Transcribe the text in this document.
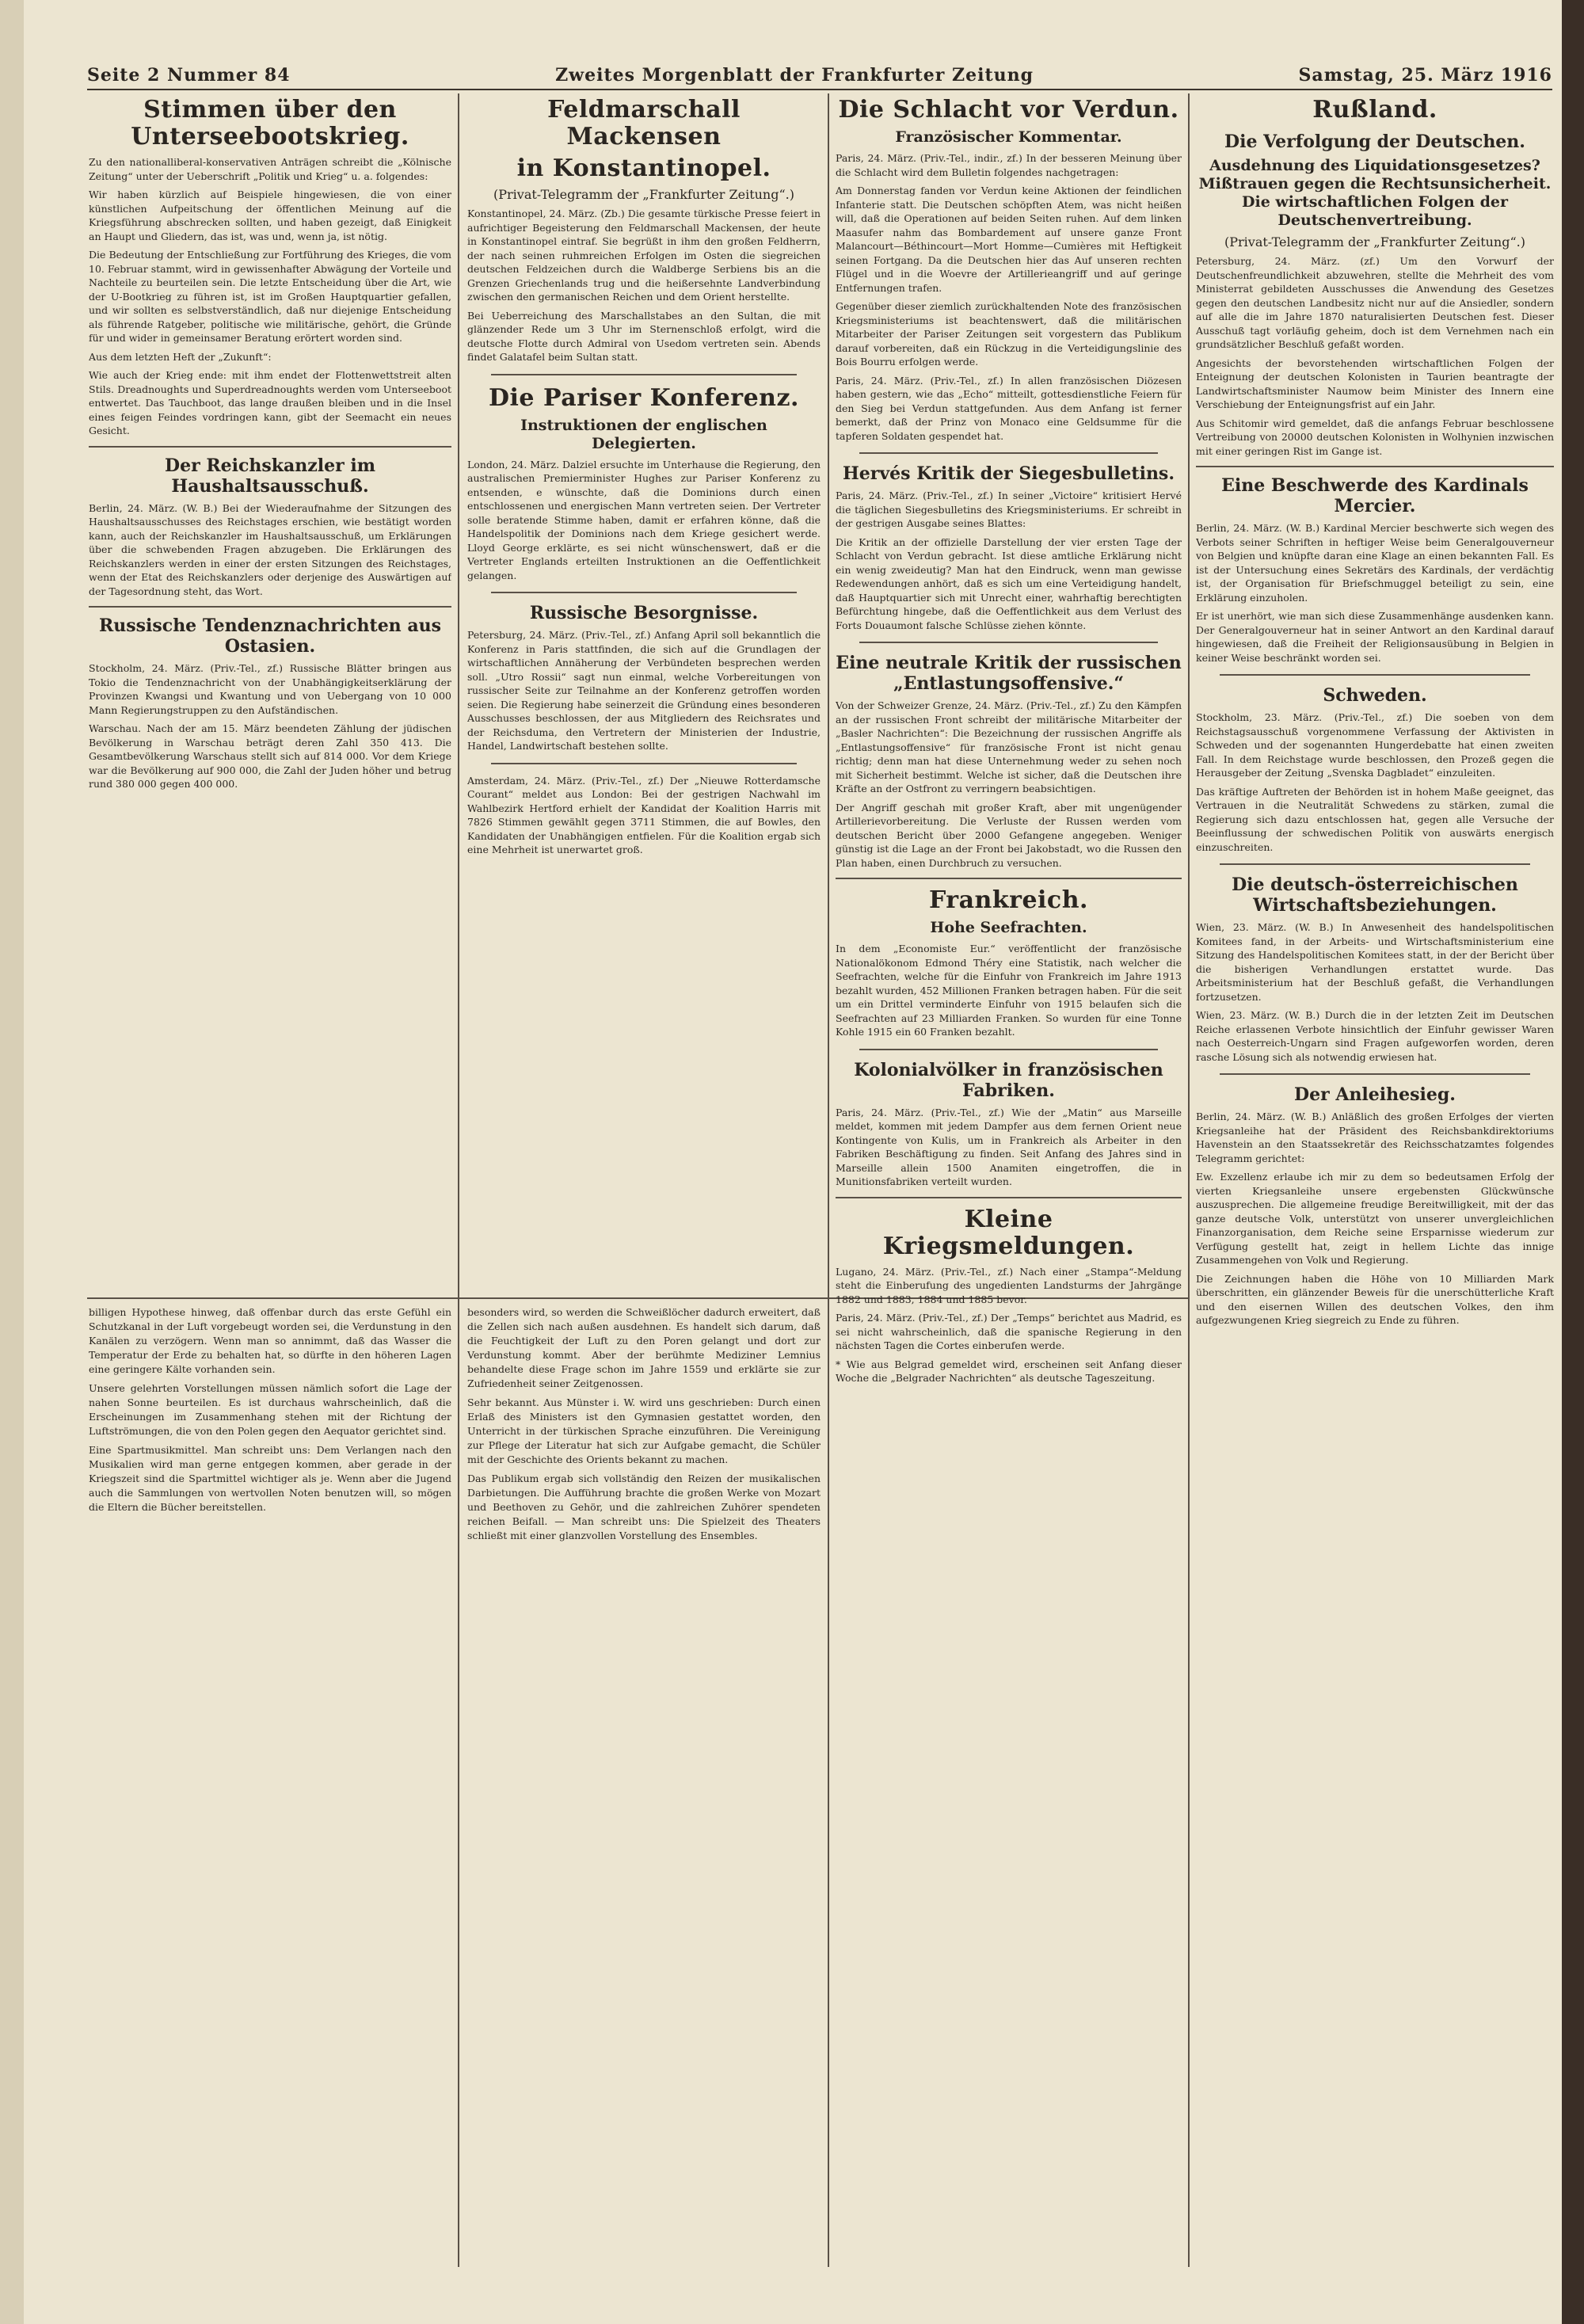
Seite 2 Nummer 84	Zweites Morgenblatt der Frankfurter Zeitung	Samstag, 25. März 1916
Stimmen über den Unterseebootskrieg.

Zu den nationalliberal-konservativen Anträgen schreibt die „Kölnische Zeitung“ unter der Ueberschrift „Politik und Krieg“ u. a. folgendes:

Wir haben kürzlich auf Beispiele hingewiesen, die von einer künstlichen Aufpeitschung der öffentlichen Meinung auf die Kriegsführung abschrecken sollten, und haben gezeigt, daß Einigkeit an Haupt und Gliedern, das ist, was und, wenn ja, ist nötig.

Die Bedeutung der Entschließung zur Fortführung des Krieges, die vom 10. Februar stammt, wird in gewissenhafter Abwägung der Vorteile und Nachteile zu beurteilen sein. Die letzte Entscheidung über die Art, wie der U-Bootkrieg zu führen ist, ist im Großen Hauptquartier gefallen, und wir sollten es selbstverständlich, daß nur diejenige Entscheidung als führende Ratgeber, politische wie militärische, gehört, die Gründe für und wider in gemeinsamer Beratung erörtert worden sind.

Aus dem letzten Heft der „Zukunft“:

Wie auch der Krieg ende: mit ihm endet der Flottenwettstreit alten Stils. Dreadnoughts und Superdreadnoughts werden vom Unterseeboot entwertet. Das Tauchboot, das lange draußen bleiben und in die Insel eines feigen Feindes vordringen kann, gibt der Seemacht ein neues Gesicht.

Der Reichskanzler im Haushaltsausschuß.

Berlin, 24. März. (W. B.) Bei der Wiederaufnahme der Sitzungen des Haushaltsausschusses des Reichstages erschien, wie bestätigt worden kann, auch der Reichskanzler im Haushaltsausschuß, um Erklärungen über die schwebenden Fragen abzugeben. Die Erklärungen des Reichskanzlers werden in einer der ersten Sitzungen des Reichstages, wenn der Etat des Reichskanzlers oder derjenige des Auswärtigen auf der Tagesordnung steht, das Wort.

Russische Tendenznachrichten aus Ostasien.

Stockholm, 24. März. (Priv.-Tel., zf.) Russische Blätter bringen aus Tokio die Tendenznachricht von der Unabhängigkeitserklärung der Provinzen Kwangsi und Kwantung und von Uebergang von 10 000 Mann Regierungstruppen zu den Aufständischen.

Warschau. Nach der am 15. März beendeten Zählung der jüdischen Bevölkerung in Warschau beträgt deren Zahl 350 413. Die Gesamtbevölkerung Warschaus stellt sich auf 814 000. Vor dem Kriege war die Bevölkerung auf 900 000, die Zahl der Juden höher und betrug rund 380 000 gegen 400 000.

Feldmarschall Mackensen
in Konstantinopel.
(Privat-Telegramm der „Frankfurter Zeitung“.)

Konstantinopel, 24. März. (Zb.) Die gesamte türkische Presse feiert in aufrichtiger Begeisterung den Feldmarschall Mackensen, der heute in Konstantinopel eintraf. Sie begrüßt in ihm den großen Feldherrn, der nach seinen ruhmreichen Erfolgen im Osten die siegreichen deutschen Feldzeichen durch die Waldberge Serbiens bis an die Grenzen Griechenlands trug und die heißersehnte Landverbindung zwischen den germanischen Reichen und dem Orient herstellte.

Bei Ueberreichung des Marschallstabes an den Sultan, die mit glänzender Rede um 3 Uhr im Sternenschloß erfolgt, wird die deutsche Flotte durch Admiral von Usedom vertreten sein. Abends findet Galatafel beim Sultan statt.

Die Pariser Konferenz.
Instruktionen der englischen Delegierten.

London, 24. März. Dalziel ersuchte im Unterhause die Regierung, den australischen Premierminister Hughes zur Pariser Konferenz zu entsenden, e wünschte, daß die Dominions durch einen entschlossenen und energischen Mann vertreten seien. Der Vertreter solle beratende Stimme haben, damit er erfahren könne, daß die Handelspolitik der Dominions nach dem Kriege gesichert werde. Lloyd George erklärte, es sei nicht wünschenswert, daß er die Vertreter Englands erteilten Instruktionen an die Oeffentlichkeit gelangen.

Russische Besorgnisse.

Petersburg, 24. März. (Priv.-Tel., zf.) Anfang April soll bekanntlich die Konferenz in Paris stattfinden, die sich auf die Grundlagen der wirtschaftlichen Annäherung der Verbündeten besprechen werden soll. „Utro Rossii“ sagt nun einmal, welche Vorbereitungen von russischer Seite zur Teilnahme an der Konferenz getroffen worden seien. Die Regierung habe seinerzeit die Gründung eines besonderen Ausschusses beschlossen, der aus Mitgliedern des Reichsrates und der Reichsduma, den Vertretern der Ministerien der Industrie, Handel, Landwirtschaft bestehen sollte.

Amsterdam, 24. März. (Priv.-Tel., zf.) Der „Nieuwe Rotterdamsche Courant“ meldet aus London: Bei der gestrigen Nachwahl im Wahlbezirk Hertford erhielt der Kandidat der Koalition Harris mit 7826 Stimmen gewählt gegen 3711 Stimmen, die auf Bowles, den Kandidaten der Unabhängigen entfielen. Für die Koalition ergab sich eine Mehrheit ist unerwartet groß.

Die Schlacht vor Verdun.
Französischer Kommentar.

Paris, 24. März. (Priv.-Tel., indir., zf.) In der besseren Meinung über die Schlacht wird dem Bulletin folgendes nachgetragen:

Am Donnerstag fanden vor Verdun keine Aktionen der feindlichen Infanterie statt. Die Deutschen schöpften Atem, was nicht heißen will, daß die Operationen auf beiden Seiten ruhen. Auf dem linken Maasufer nahm das Bombardement auf unsere ganze Front Malancourt—Béthincourt—Mort Homme—Cumières mit Heftigkeit seinen Fortgang. Da die Deutschen hier das Auf unseren rechten Flügel und in die Woevre der Artillerieangriff und auf geringe Entfernungen trafen.

Gegenüber dieser ziemlich zurückhaltenden Note des französischen Kriegsministeriums ist beachtenswert, daß die militärischen Mitarbeiter der Pariser Zeitungen seit vorgestern das Publikum darauf vorbereiten, daß ein Rückzug in die Verteidigungslinie des Bois Bourru erfolgen werde.

Paris, 24. März. (Priv.-Tel., zf.) In allen französischen Diözesen haben gestern, wie das „Echo“ mitteilt, gottesdienstliche Feiern für den Sieg bei Verdun stattgefunden. Aus dem Anfang ist ferner bemerkt, daß der Prinz von Monaco eine Geldsumme für die tapferen Soldaten gespendet hat.

Hervés Kritik der Siegesbulletins.

Paris, 24. März. (Priv.-Tel., zf.) In seiner „Victoire“ kritisiert Hervé die täglichen Siegesbulletins des Kriegsministeriums. Er schreibt in der gestrigen Ausgabe seines Blattes:

Die Kritik an der offizielle Darstellung der vier ersten Tage der Schlacht von Verdun gebracht. Ist diese amtliche Erklärung nicht ein wenig zweideutig? Man hat den Eindruck, wenn man gewisse Redewendungen anhört, daß es sich um eine Verteidigung handelt, daß Hauptquartier sich mit Unrecht einer, wahrhaftig berechtigten Befürchtung hingebe, daß die Oeffentlichkeit aus dem Verlust des Forts Douaumont falsche Schlüsse ziehen könnte.

Eine neutrale Kritik der russischen „Entlastungsoffensive.“

Von der Schweizer Grenze, 24. März. (Priv.-Tel., zf.) Zu den Kämpfen an der russischen Front schreibt der militärische Mitarbeiter der „Basler Nachrichten“: Die Bezeichnung der russischen Angriffe als „Entlastungsoffensive“ für französische Front ist nicht genau richtig; denn man hat diese Unternehmung weder zu sehen noch mit Sicherheit bestimmt. Welche ist sicher, daß die Deutschen ihre Kräfte an der Ostfront zu verringern beabsichtigen.

Der Angriff geschah mit großer Kraft, aber mit ungenügender Artillerievorbereitung. Die Verluste der Russen werden vom deutschen Bericht über 2000 Gefangene angegeben. Weniger günstig ist die Lage an der Front bei Jakobstadt, wo die Russen den Plan haben, einen Durchbruch zu versuchen.

Frankreich.
Hohe Seefrachten.

In dem „Economiste Eur.“ veröffentlicht der französische Nationalökonom Edmond Théry eine Statistik, nach welcher die Seefrachten, welche für die Einfuhr von Frankreich im Jahre 1913 bezahlt wurden, 452 Millionen Franken betragen haben. Für die seit um ein Drittel verminderte Einfuhr von 1915 belaufen sich die Seefrachten auf 23 Milliarden Franken. So wurden für eine Tonne Kohle 1915 ein 60 Franken bezahlt.

Kolonialvölker in französischen Fabriken.

Paris, 24. März. (Priv.-Tel., zf.) Wie der „Matin“ aus Marseille meldet, kommen mit jedem Dampfer aus dem fernen Orient neue Kontingente von Kulis, um in Frankreich als Arbeiter in den Fabriken Beschäftigung zu finden. Seit Anfang des Jahres sind in Marseille allein 1500 Anamiten eingetroffen, die in Munitionsfabriken verteilt wurden.

Kleine Kriegsmeldungen.

Lugano, 24. März. (Priv.-Tel., zf.) Nach einer „Stampa“-Meldung steht die Einberufung des ungedienten Landsturms der Jahrgänge 1882 und 1883, 1884 und 1885 bevor.

Paris, 24. März. (Priv.-Tel., zf.) Der „Temps“ berichtet aus Madrid, es sei nicht wahrscheinlich, daß die spanische Regierung in den nächsten Tagen die Cortes einberufen werde.

* Wie aus Belgrad gemeldet wird, erscheinen seit Anfang dieser Woche die „Belgrader Nachrichten“ als deutsche Tageszeitung.

Rußland.
Die Verfolgung der Deutschen.
Ausdehnung des Liquidationsgesetzes? Mißtrauen gegen die Rechtsunsicherheit. Die wirtschaftlichen Folgen der Deutschenvertreibung.
(Privat-Telegramm der „Frankfurter Zeitung“.)

Petersburg, 24. März. (zf.) Um den Vorwurf der Deutschenfreundlichkeit abzuwehren, stellte die Mehrheit des vom Ministerrat gebildeten Ausschusses die Anwendung des Gesetzes gegen den deutschen Landbesitz nicht nur auf die Ansiedler, sondern auf alle die im Jahre 1870 naturalisierten Deutschen fest. Dieser Ausschuß tagt vorläufig geheim, doch ist dem Vernehmen nach ein grundsätzlicher Beschluß gefaßt worden.

Angesichts der bevorstehenden wirtschaftlichen Folgen der Enteignung der deutschen Kolonisten in Taurien beantragte der Landwirtschaftsminister Naumow beim Minister des Innern eine Verschiebung der Enteignungsfrist auf ein Jahr.

Aus Schitomir wird gemeldet, daß die anfangs Februar beschlossene Vertreibung von 20000 deutschen Kolonisten in Wolhynien inzwischen mit einer geringen Rist im Gange ist.

Eine Beschwerde des Kardinals Mercier.

Berlin, 24. März. (W. B.) Kardinal Mercier beschwerte sich wegen des Verbots seiner Schriften in heftiger Weise beim Generalgouverneur von Belgien und knüpfte daran eine Klage an einen bekannten Fall. Es ist der Untersuchung eines Sekretärs des Kardinals, der verdächtig ist, der Organisation für Briefschmuggel beteiligt zu sein, eine Erklärung einzuholen.

Er ist unerhört, wie man sich diese Zusammenhänge ausdenken kann. Der Generalgouverneur hat in seiner Antwort an den Kardinal darauf hingewiesen, daß die Freiheit der Religionsausübung in Belgien in keiner Weise beschränkt worden sei.

Schweden.

Stockholm, 23. März. (Priv.-Tel., zf.) Die soeben von dem Reichstagsausschuß vorgenommene Verfassung der Aktivisten in Schweden und der sogenannten Hungerdebatte hat einen zweiten Fall. In dem Reichstage wurde beschlossen, den Prozeß gegen die Herausgeber der Zeitung „Svenska Dagbladet“ einzuleiten.

Das kräftige Auftreten der Behörden ist in hohem Maße geeignet, das Vertrauen in die Neutralität Schwedens zu stärken, zumal die Regierung sich dazu entschlossen hat, gegen alle Versuche der Beeinflussung der schwedischen Politik von auswärts energisch einzuschreiten.

Die deutsch-österreichischen Wirtschaftsbeziehungen.

Wien, 23. März. (W. B.) In Anwesenheit des handelspolitischen Komitees fand, in der Arbeits- und Wirtschaftsministerium eine Sitzung des Handelspolitischen Komitees statt, in der der Bericht über die bisherigen Verhandlungen erstattet wurde. Das Arbeitsministerium hat der Beschluß gefaßt, die Verhandlungen fortzusetzen.

Wien, 23. März. (W. B.) Durch die in der letzten Zeit im Deutschen Reiche erlassenen Verbote hinsichtlich der Einfuhr gewisser Waren nach Oesterreich-Ungarn sind Fragen aufgeworfen worden, deren rasche Lösung sich als notwendig erwiesen hat.

Der Anleihesieg.

Berlin, 24. März. (W. B.) Anläßlich des großen Erfolges der vierten Kriegsanleihe hat der Präsident des Reichsbankdirektoriums Havenstein an den Staatssekretär des Reichsschatzamtes folgendes Telegramm gerichtet:

Ew. Exzellenz erlaube ich mir zu dem so bedeutsamen Erfolg der vierten Kriegsanleihe unsere ergebensten Glückwünsche auszusprechen. Die allgemeine freudige Bereitwilligkeit, mit der das ganze deutsche Volk, unterstützt von unserer unvergleichlichen Finanzorganisation, dem Reiche seine Ersparnisse wiederum zur Verfügung gestellt hat, zeigt in hellem Lichte das innige Zusammengehen von Volk und Regierung.

Die Zeichnungen haben die Höhe von 10 Milliarden Mark überschritten, ein glänzender Beweis für die unerschütterliche Kraft und den eisernen Willen des deutschen Volkes, den ihm aufgezwungenen Krieg siegreich zu Ende zu führen.

billigen Hypothese hinweg, daß offenbar durch das erste Gefühl ein Schutzkanal in der Luft vorgebeugt worden sei, die Verdunstung in den Kanälen zu verzögern. Wenn man so annimmt, daß das Wasser die Temperatur der Erde zu behalten hat, so dürfte in den höheren Lagen eine geringere Kälte vorhanden sein.

Unsere gelehrten Vorstellungen müssen nämlich sofort die Lage der nahen Sonne beurteilen. Es ist durchaus wahrscheinlich, daß die Erscheinungen im Zusammenhang stehen mit der Richtung der Luftströmungen, die von den Polen gegen den Aequator gerichtet sind.

Eine Spartmusikmittel. Man schreibt uns: Dem Verlangen nach den Musikalien wird man gerne entgegen kommen, aber gerade in der Kriegszeit sind die Spartmittel wichtiger als je. Wenn aber die Jugend auch die Sammlungen von wertvollen Noten benutzen will, so mögen die Eltern die Bücher bereitstellen.

besonders wird, so werden die Schweißlöcher dadurch erweitert, daß die Zellen sich nach außen ausdehnen. Es handelt sich darum, daß die Feuchtigkeit der Luft zu den Poren gelangt und dort zur Verdunstung kommt. Aber der berühmte Mediziner Lemnius behandelte diese Frage schon im Jahre 1559 und erklärte sie zur Zufriedenheit seiner Zeitgenossen.

Sehr bekannt. Aus Münster i. W. wird uns geschrieben: Durch einen Erlaß des Ministers ist den Gymnasien gestattet worden, den Unterricht in der türkischen Sprache einzuführen. Die Vereinigung zur Pflege der Literatur hat sich zur Aufgabe gemacht, die Schüler mit der Geschichte des Orients bekannt zu machen.

Das Publikum ergab sich vollständig den Reizen der musikalischen Darbietungen. Die Aufführung brachte die großen Werke von Mozart und Beethoven zu Gehör, und die zahlreichen Zuhörer spendeten reichen Beifall. — Man schreibt uns: Die Spielzeit des Theaters schließt mit einer glanzvollen Vorstellung des Ensembles.
